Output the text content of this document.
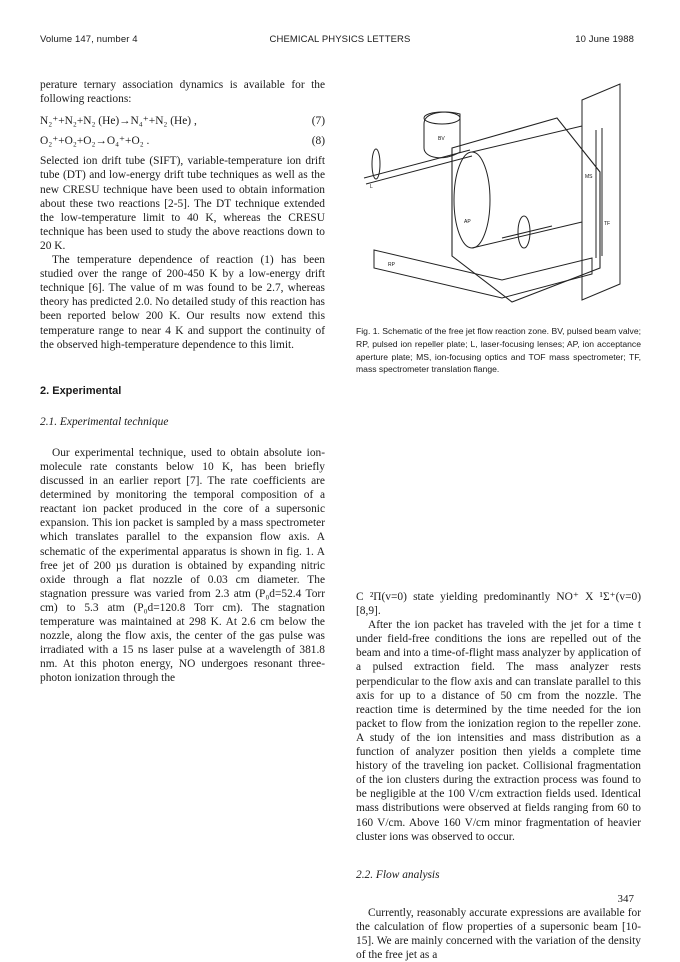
Volume 147, number 4	CHEMICAL PHYSICS LETTERS	10 June 1988

perature ternary association dynamics is available for the following reactions:

N₂⁺+N₂+N₂ (He)→N₄⁺+N₂ (He) ,	(7)
O₂⁺+O₂+O₂→O₄⁺+O₂ .	(8)

Selected ion drift tube (SIFT), variable-temperature ion drift tube (DT) and low-energy drift tube techniques as well as the new CRESU technique have been used to obtain information about these two reactions [2-5]. The DT technique extended the low-temperature limit to 40 K, whereas the CRESU technique has been used to study the above reactions down to 20 K.

The temperature dependence of reaction (1) has been studied over the range of 200-450 K by a low-energy drift technique [6]. The value of m was found to be 2.7, whereas theory has predicted 2.0. No detailed study of this reaction has been reported below 200 K. Our results now extend this temperature range to near 4 K and support the continuity of the observed high-temperature dependence to this limit.

2. Experimental

2.1. Experimental technique

Our experimental technique, used to obtain absolute ion-molecule rate constants below 10 K, has been briefly discussed in an earlier report [7]. The rate coefficients are determined by monitoring the temporal composition of a reactant ion packet produced in the core of a supersonic expansion. This ion packet is sampled by a mass spectrometer which translates parallel to the expansion flow axis. A schematic of the experimental apparatus is shown in fig. 1. A free jet of 200 µs duration is obtained by expanding nitric oxide through a flat nozzle of 0.03 cm diameter. The stagnation pressure was varied from 2.3 atm (P₀d=52.4 Torr cm) to 5.3 atm (P₀d=120.8 Torr cm). The stagnation temperature was maintained at 298 K. At 2.6 cm below the nozzle, along the flow axis, the center of the gas pulse was irradiated with a 15 ns laser pulse at a wavelength of 381.8 nm. At this photon energy, NO undergoes resonant three-photon ionization through the

BV
MS
AP
L
TF
RP
Fig. 1. Schematic of the free jet flow reaction zone. BV, pulsed beam valve; RP, pulsed ion repeller plate; L, laser-focusing lenses; AP, ion acceptance aperture plate; MS, ion-focusing optics and TOF mass spectrometer; TF, mass spectrometer translation flange.

C ²Π(v=0) state yielding predominantly NO⁺ X ¹Σ⁺(v=0) [8,9].

After the ion packet has traveled with the jet for a time t under field-free conditions the ions are repelled out of the beam and into a time-of-flight mass analyzer by application of a pulsed extraction field. The mass analyzer rests perpendicular to the flow axis and can translate parallel to this axis for up to a distance of 50 cm from the nozzle. The reaction time is determined by the time needed for the ion packet to flow from the ionization region to the repeller zone. A study of the ion intensities and mass distribution as a function of analyzer position then yields a complete time history of the traveling ion packet. Collisional fragmentation of the ion clusters during the extraction process was found to be negligible at the 100 V/cm extraction fields used. Identical mass distributions were observed at fields ranging from 60 to 160 V/cm. Above 160 V/cm minor fragmentation of heavier cluster ions was observed to occur.

2.2. Flow analysis

Currently, reasonably accurate expressions are available for the calculation of flow properties of a supersonic beam [10-15]. We are mainly concerned with the variation of the density of the free jet as a

347
